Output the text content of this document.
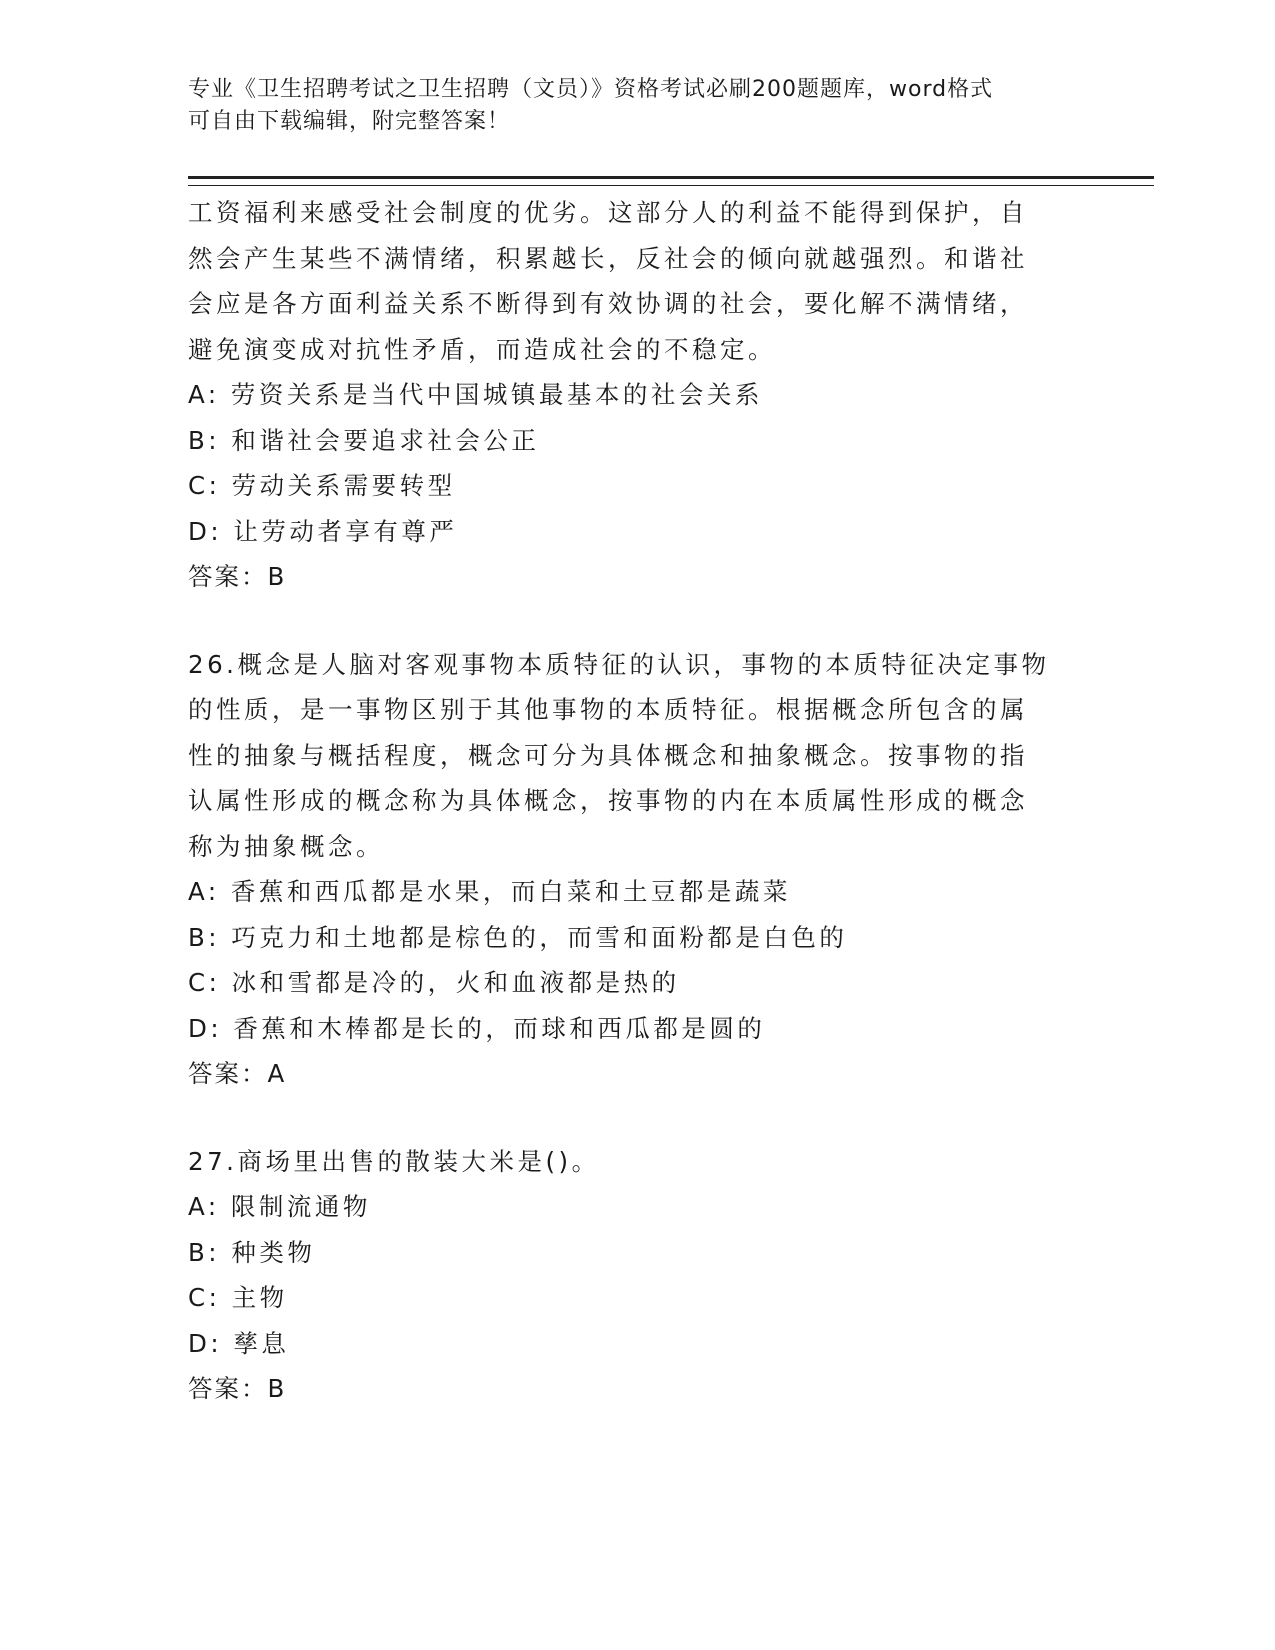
专业《卫生招聘考试之卫生招聘（文员）》资格考试必刷200题题库，word格式
可自由下载编辑，附完整答案！

工资福利来感受社会制度的优劣。这部分人的利益不能得到保护，自

然会产生某些不满情绪，积累越长，反社会的倾向就越强烈。和谐社

会应是各方面利益关系不断得到有效协调的社会，要化解不满情绪，

避免演变成对抗性矛盾，而造成社会的不稳定。

A: 劳资关系是当代中国城镇最基本的社会关系

B: 和谐社会要追求社会公正

C: 劳动关系需要转型

D: 让劳动者享有尊严

答案：B

26.概念是人脑对客观事物本质特征的认识，事物的本质特征决定事物

的性质，是一事物区别于其他事物的本质特征。根据概念所包含的属

性的抽象与概括程度，概念可分为具体概念和抽象概念。按事物的指

认属性形成的概念称为具体概念，按事物的内在本质属性形成的概念

称为抽象概念。

A: 香蕉和西瓜都是水果，而白菜和土豆都是蔬菜

B: 巧克力和土地都是棕色的，而雪和面粉都是白色的

C: 冰和雪都是冷的，火和血液都是热的

D: 香蕉和木棒都是长的，而球和西瓜都是圆的

答案：A

27.商场里出售的散装大米是()。

A: 限制流通物

B: 种类物

C: 主物

D: 孳息

答案：B
